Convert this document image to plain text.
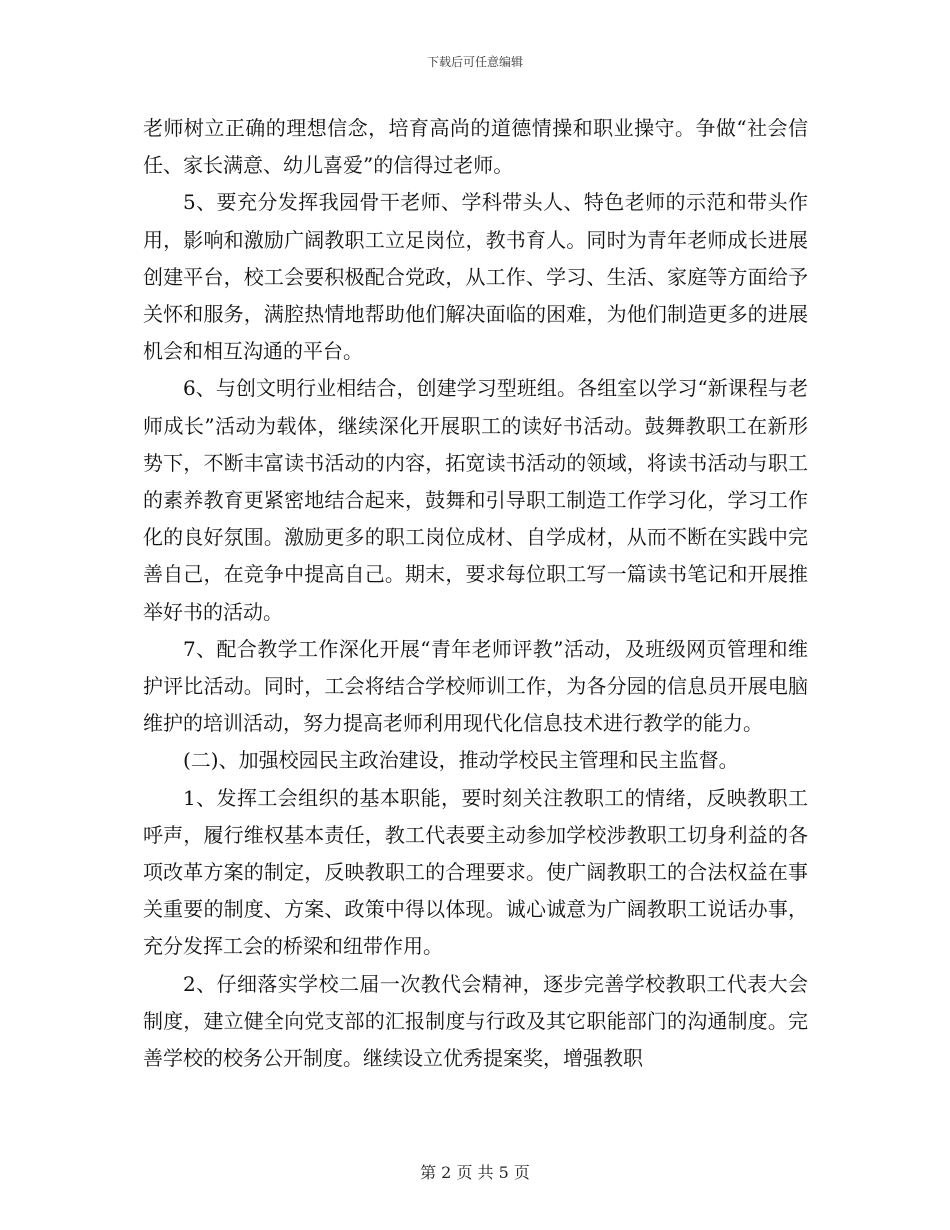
下载后可任意编辑

老师树立正确的理想信念，培育高尚的道德情操和职业操守。争做“社会信任、家长满意、幼儿喜爱”的信得过老师。

5、要充分发挥我园骨干老师、学科带头人、特色老师的示范和带头作用，影响和激励广阔教职工立足岗位，教书育人。同时为青年老师成长进展创建平台，校工会要积极配合党政，从工作、学习、生活、家庭等方面给予关怀和服务，满腔热情地帮助他们解决面临的困难，为他们制造更多的进展机会和相互沟通的平台。

6、与创文明行业相结合，创建学习型班组。各组室以学习“新课程与老师成长”活动为载体，继续深化开展职工的读好书活动。鼓舞教职工在新形势下，不断丰富读书活动的内容，拓宽读书活动的领域，将读书活动与职工的素养教育更紧密地结合起来，鼓舞和引导职工制造工作学习化，学习工作化的良好氛围。激励更多的职工岗位成材、自学成材，从而不断在实践中完善自己，在竞争中提高自己。期末，要求每位职工写一篇读书笔记和开展推举好书的活动。

7、配合教学工作深化开展“青年老师评教”活动，及班级网页管理和维护评比活动。同时，工会将结合学校师训工作，为各分园的信息员开展电脑维护的培训活动，努力提高老师利用现代化信息技术进行教学的能力。

(二)、加强校园民主政治建设，推动学校民主管理和民主监督。

1、发挥工会组织的基本职能，要时刻关注教职工的情绪，反映教职工呼声，履行维权基本责任，教工代表要主动参加学校涉教职工切身利益的各项改革方案的制定，反映教职工的合理要求。使广阔教职工的合法权益在事关重要的制度、方案、政策中得以体现。诚心诚意为广阔教职工说话办事，充分发挥工会的桥梁和纽带作用。

2、仔细落实学校二届一次教代会精神，逐步完善学校教职工代表大会制度，建立健全向党支部的汇报制度与行政及其它职能部门的沟通制度。完善学校的校务公开制度。继续设立优秀提案奖，增强教职

第 2 页 共 5 页
